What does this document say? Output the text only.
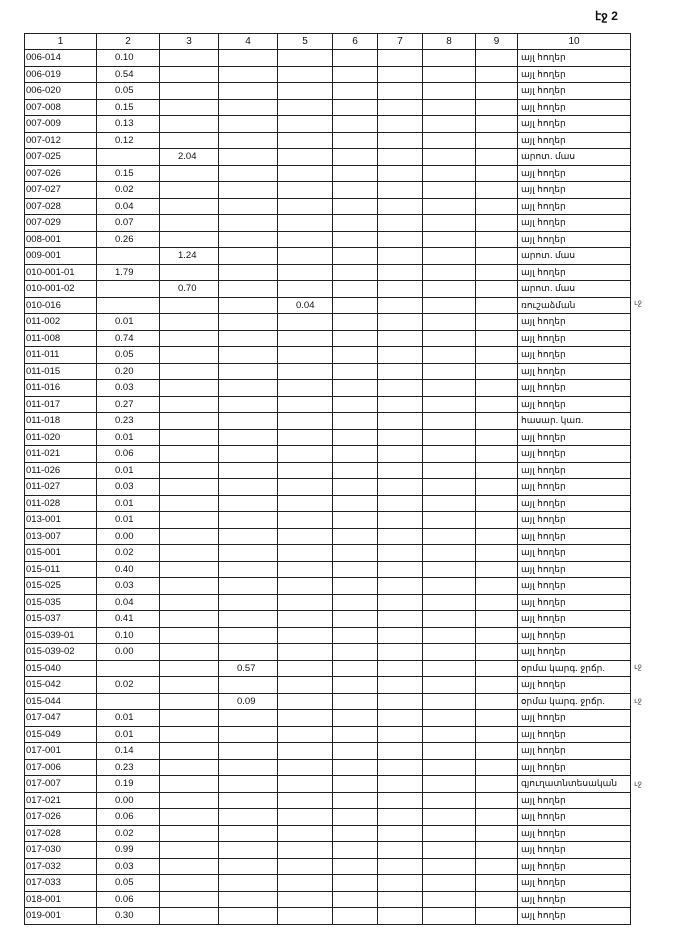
էջ 2
1	2	3	4	5	6	7	8	9	10
006-014	0.10								այլ հողեր
006-019	0.54								այլ հողեր
006-020	0.05								այլ հողեր
007-008	0.15								այլ հողեր
007-009	0.13								այլ հողեր
007-012	0.12								այլ հողեր
007-025		2.04							արոտ. մաս
007-026	0.15								այլ հողեր
007-027	0.02								այլ հողեր
007-028	0.04								այլ հողեր
007-029	0.07								այլ հողեր
008-001	0.26								այլ հողեր
009-001		1.24							արոտ. մաս
010-001-01	1.79								այլ հողեր
010-001-02		0.70							արոտ. մաս
010-016				0.04					ռուշաձման
011-002	0.01								այլ հողեր
011-008	0.74								այլ հողեր
011-011	0.05								այլ հողեր
011-015	0.20								այլ հողեր
011-016	0.03								այլ հողեր
011-017	0.27								այլ հողեր
011-018	0.23								հասար. կառ.
011-020	0.01								այլ հողեր
011-021	0.06								այլ հողեր
011-026	0.01								այլ հողեր
011-027	0.03								այլ հողեր
011-028	0.01								այլ հողեր
013-001	0.01								այլ հողեր
013-007	0.00								այլ հողեր
015-001	0.02								այլ հողեր
015-011	0.40								այլ հողեր
015-025	0.03								այլ հողեր
015-035	0.04								այլ հողեր
015-037	0.41								այլ հողեր
015-039-01	0.10								այլ հողեր
015-039-02	0.00								այլ հողեր
015-040			0.57						օրմա կարգ. ջրճր.
015-042	0.02								այլ հողեր
015-044			0.09						օրմա կարգ. ջրճր.
017-047	0.01								այլ հողեր
015-049	0.01								այլ հողեր
017-001	0.14								այլ հողեր
017-006	0.23								այլ հողեր
017-007	0.19								գյուղատնտեսական
017-021	0.00								այլ հողեր
017-026	0.06								այլ հողեր
017-028	0.02								այլ հողեր
017-030	0.99								այլ հողեր
017-032	0.03								այլ հողեր
017-033	0.05								այլ հողեր
018-001	0.06								այլ հողեր
019-001	0.30								այլ հողեր
ւջ
ւջ
ւջ
ւջ
